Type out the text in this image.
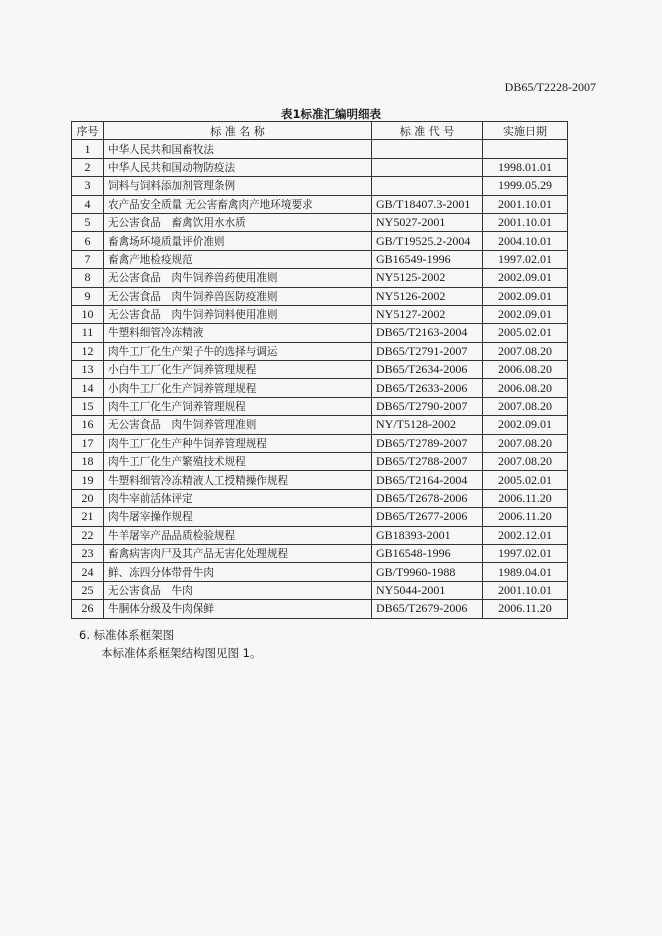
DB65/T2228-2007
表1标准汇编明细表
序号	标 准 名 称	标 准 代 号	实施日期
1	中华人民共和国畜牧法		
2	中华人民共和国动物防疫法		1998.01.01
3	饲料与饲料添加剂管理条例		1999.05.29
4	农产品安全质量 无公害畜禽肉产地环境要求	GB/T18407.3-2001	2001.10.01
5	无公害食品　畜禽饮用水水质	NY5027-2001	2001.10.01
6	畜禽场环境质量评价准则	GB/T19525.2-2004	2004.10.01
7	畜禽产地检疫规范	GB16549-1996	1997.02.01
8	无公害食品　肉牛饲养兽药使用准则	NY5125-2002	2002.09.01
9	无公害食品　肉牛饲养兽医防疫准则	NY5126-2002	2002.09.01
10	无公害食品　肉牛饲养饲料使用准则	NY5127-2002	2002.09.01
11	牛塑料细管冷冻精液	DB65/T2163-2004	2005.02.01
12	肉牛工厂化生产架子牛的选择与调运	DB65/T2791-2007	2007.08.20
13	小白牛工厂化生产饲养管理规程	DB65/T2634-2006	2006.08.20
14	小肉牛工厂化生产饲养管理规程	DB65/T2633-2006	2006.08.20
15	肉牛工厂化生产饲养管理规程	DB65/T2790-2007	2007.08.20
16	无公害食品　肉牛饲养管理准则	NY/T5128-2002	2002.09.01
17	肉牛工厂化生产种牛饲养管理规程	DB65/T2789-2007	2007.08.20
18	肉牛工厂化生产繁殖技术规程	DB65/T2788-2007	2007.08.20
19	牛塑料细管冷冻精液人工授精操作规程	DB65/T2164-2004	2005.02.01
20	肉牛宰前活体评定	DB65/T2678-2006	2006.11.20
21	肉牛屠宰操作规程	DB65/T2677-2006	2006.11.20
22	牛羊屠宰产品品质检验规程	GB18393-2001	2002.12.01
23	畜禽病害肉尸及其产品无害化处理规程	GB16548-1996	1997.02.01
24	鲜、冻四分体带骨牛肉	GB/T9960-1988	1989.04.01
25	无公害食品　牛肉	NY5044-2001	2001.10.01
26	牛胴体分级及牛肉保鲜	DB65/T2679-2006	2006.11.20
6. 标准体系框架图
本标准体系框架结构图见图 1。
